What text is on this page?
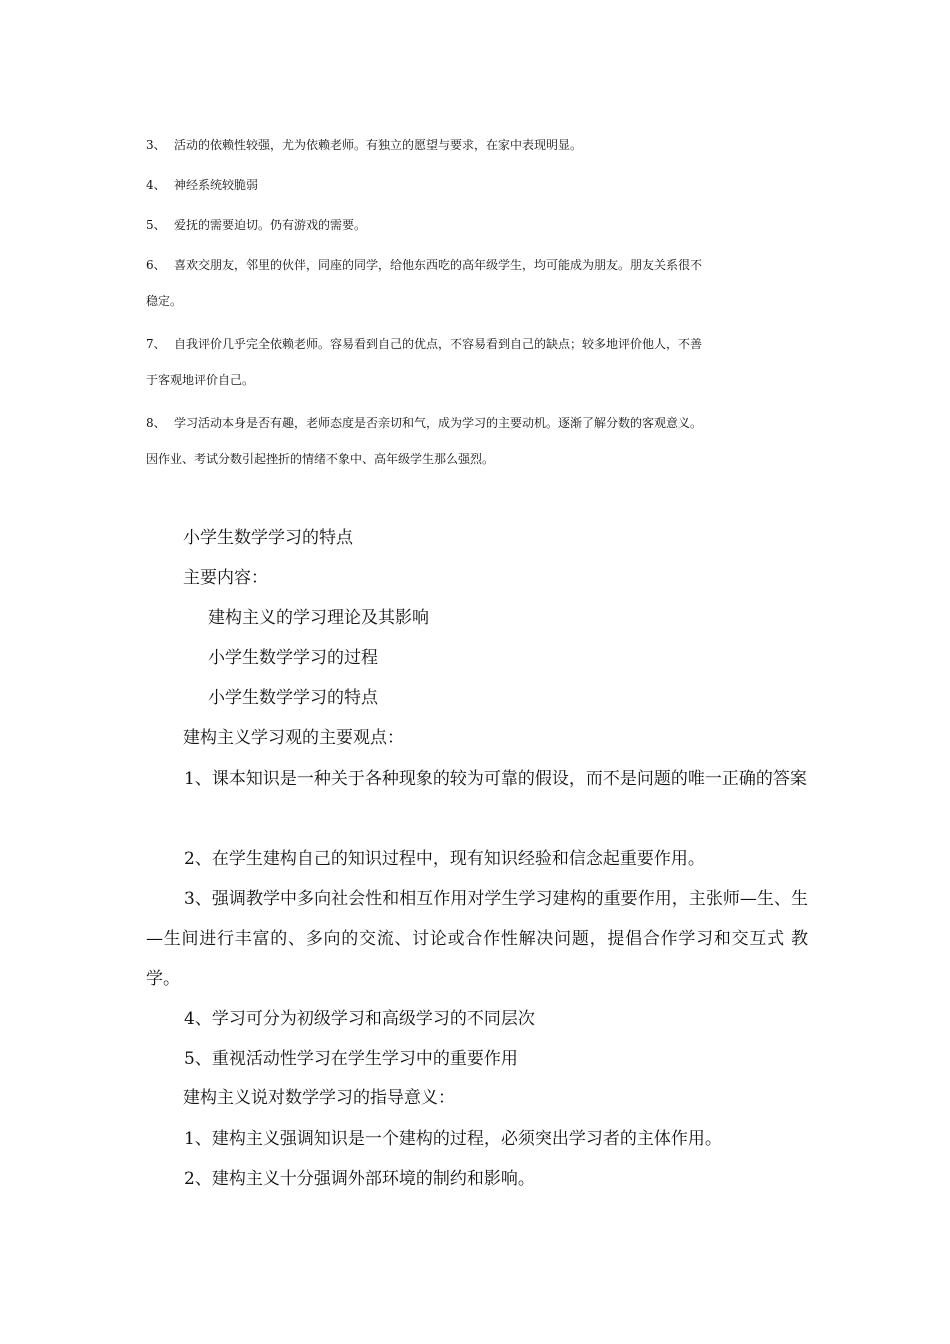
3、 活动的依赖性较强，尤为依赖老师。有独立的愿望与要求，在家中表现明显。

4、 神经系统较脆弱

5、 爱抚的需要迫切。仍有游戏的需要。

6、 喜欢交朋友，邻里的伙伴，同座的同学，给他东西吃的高年级学生，均可能成为朋友。朋友关系很不
稳定。

7、 自我评价几乎完全依赖老师。容易看到自己的优点，不容易看到自己的缺点；较多地评价他人，不善
于客观地评价自己。

8、 学习活动本身是否有趣，老师态度是否亲切和气，成为学习的主要动机。逐渐了解分数的客观意义。
因作业、考试分数引起挫折的情绪不象中、高年级学生那么强烈。

小学生数学学习的特点

主要内容：

建构主义的学习理论及其影响

小学生数学学习的过程

小学生数学学习的特点

建构主义学习观的主要观点：

1、课本知识是一种关于各种现象的较为可靠的假设，而不是问题的唯一正确的答案

2、在学生建构自己的知识过程中，现有知识经验和信念起重要作用。

3、强调教学中多向社会性和相互作用对学生学习建构的重要作用，主张师—生、生—生间进行丰富的、多向的交流、讨论或合作性解决问题，提倡合作学习和交互式 教学。

4、学习可分为初级学习和高级学习的不同层次

5、重视活动性学习在学生学习中的重要作用

建构主义说对数学学习的指导意义：

1、建构主义强调知识是一个建构的过程，必须突出学习者的主体作用。

2、建构主义十分强调外部环境的制约和影响。
